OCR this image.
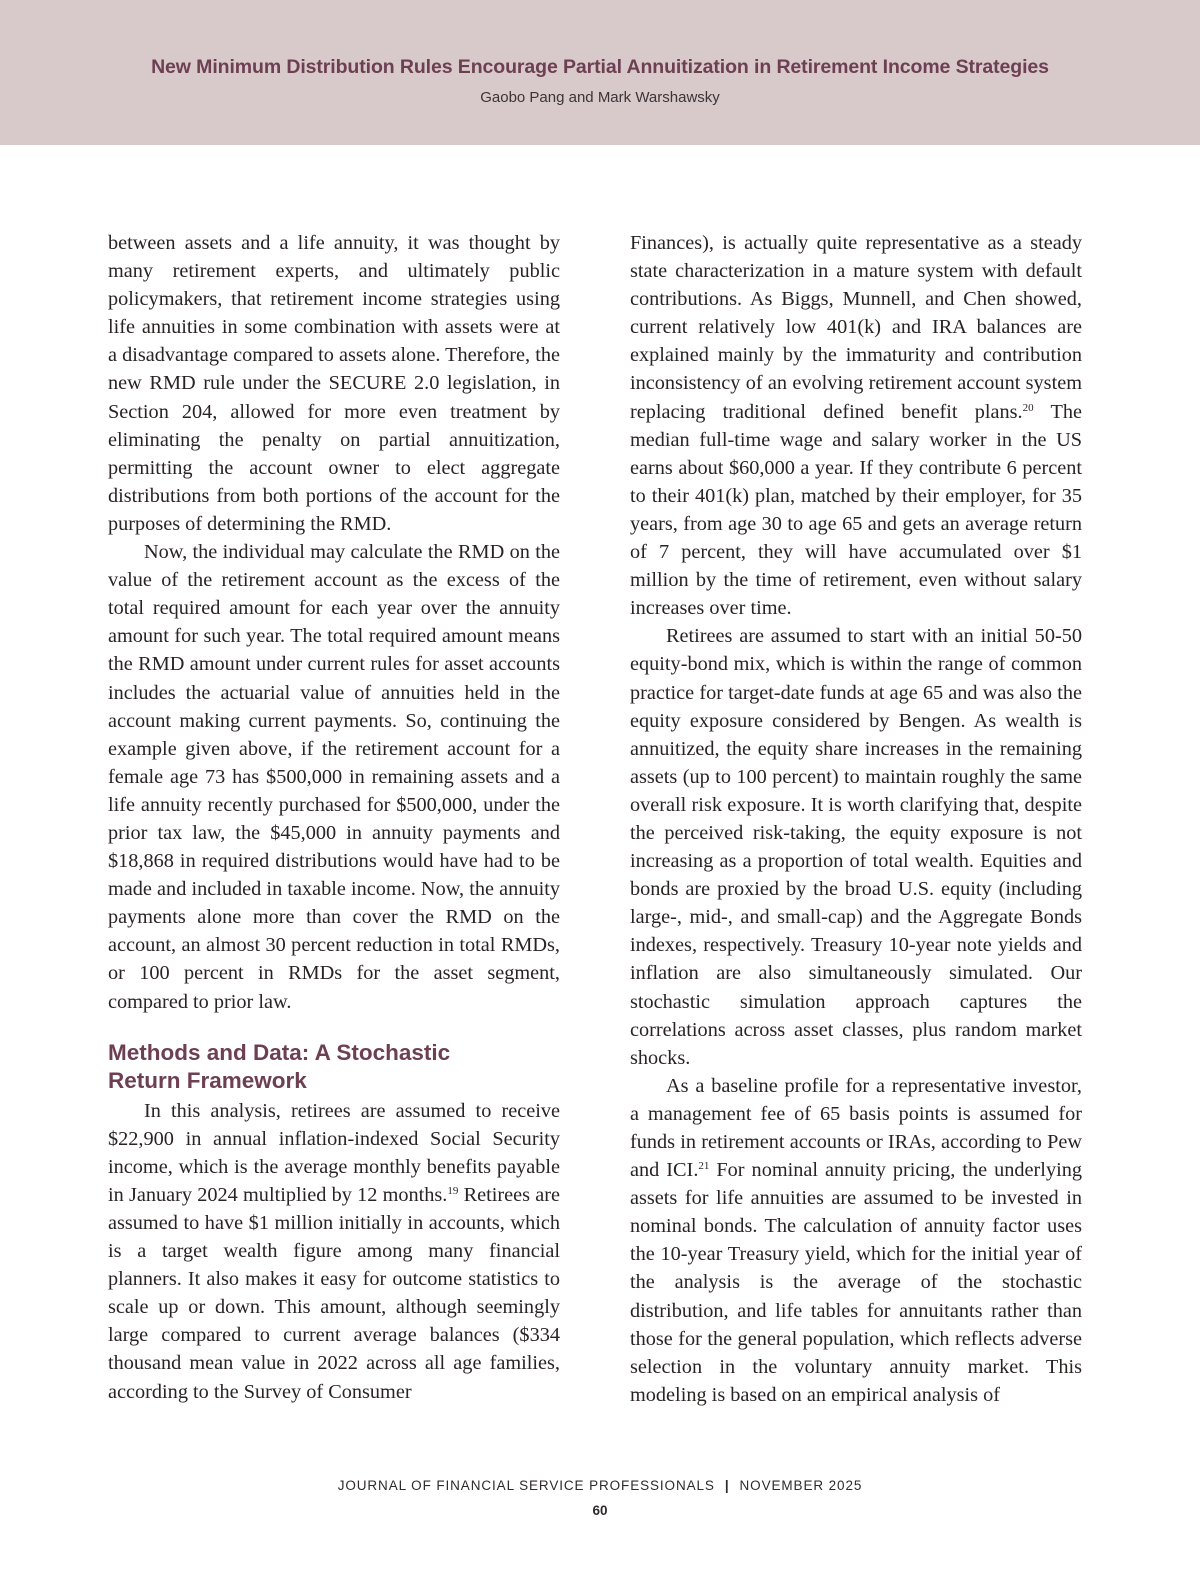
New Minimum Distribution Rules Encourage Partial Annuitization in Retirement Income Strategies
Gaobo Pang and Mark Warshawsky

between assets and a life annuity, it was thought by many retirement experts, and ultimately public policymakers, that retirement income strategies using life annuities in some combination with assets were at a disadvantage compared to assets alone. Therefore, the new RMD rule under the SECURE 2.0 legislation, in Section 204, allowed for more even treatment by eliminating the penalty on partial annuitization, permitting the account owner to elect aggregate distributions from both portions of the account for the purposes of determining the RMD.

Now, the individual may calculate the RMD on the value of the retirement account as the excess of the total required amount for each year over the annuity amount for such year. The total required amount means the RMD amount under current rules for asset accounts includes the actuarial value of annuities held in the account making current payments. So, continuing the example given above, if the retirement account for a female age 73 has $500,000 in remaining assets and a life annuity recently purchased for $500,000, under the prior tax law, the $45,000 in annuity payments and $18,868 in required distributions would have had to be made and included in taxable income. Now, the annuity payments alone more than cover the RMD on the account, an almost 30 percent reduction in total RMDs, or 100 percent in RMDs for the asset segment, compared to prior law.

Methods and Data: A Stochastic Return Framework

In this analysis, retirees are assumed to receive $22,900 in annual inflation-indexed Social Security income, which is the average monthly benefits payable in January 2024 multiplied by 12 months.$^{19}$ Retirees are assumed to have $1 million initially in accounts, which is a target wealth figure among many financial planners. It also makes it easy for outcome statistics to scale up or down. This amount, although seemingly large compared to current average balances ($334 thousand mean value in 2022 across all age families, according to the Survey of Consumer

Finances), is actually quite representative as a steady state characterization in a mature system with default contributions. As Biggs, Munnell, and Chen showed, current relatively low 401(k) and IRA balances are explained mainly by the immaturity and contribution inconsistency of an evolving retirement account system replacing traditional defined benefit plans.$^{20}$ The median full-time wage and salary worker in the US earns about $60,000 a year. If they contribute 6 percent to their 401(k) plan, matched by their employer, for 35 years, from age 30 to age 65 and gets an average return of 7 percent, they will have accumulated over $1 million by the time of retirement, even without salary increases over time.

Retirees are assumed to start with an initial 50-50 equity-bond mix, which is within the range of common practice for target-date funds at age 65 and was also the equity exposure considered by Bengen. As wealth is annuitized, the equity share increases in the remaining assets (up to 100 percent) to maintain roughly the same overall risk exposure. It is worth clarifying that, despite the perceived risk-taking, the equity exposure is not increasing as a proportion of total wealth. Equities and bonds are proxied by the broad U.S. equity (including large-, mid-, and small-cap) and the Aggregate Bonds indexes, respectively. Treasury 10-year note yields and inflation are also simultaneously simulated. Our stochastic simulation approach captures the correlations across asset classes, plus random market shocks.

As a baseline profile for a representative investor, a management fee of 65 basis points is assumed for funds in retirement accounts or IRAs, according to Pew and ICI.$^{21}$ For nominal annuity pricing, the underlying assets for life annuities are assumed to be invested in nominal bonds. The calculation of annuity factor uses the 10-year Treasury yield, which for the initial year of the analysis is the average of the stochastic distribution, and life tables for annuitants rather than those for the general population, which reflects adverse selection in the voluntary annuity market. This modeling is based on an empirical analysis of

JOURNAL OF FINANCIAL SERVICE PROFESSIONALS | NOVEMBER 2025
60
